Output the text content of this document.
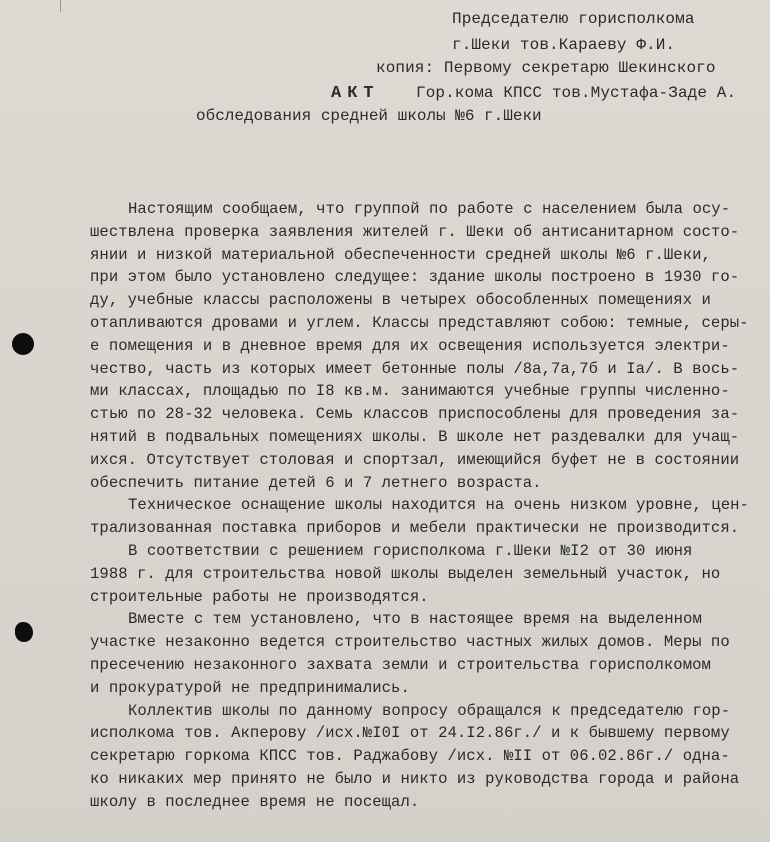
Председателю горисполкома
г.Шеки тов.Караеву Ф.И.
копия: Первому секретарю Шекинского
АКТ Гор.кома КПСС тов.Мустафа-Заде А.
обследования средней школы №6 г.Шеки
Настоящим сообщаем, что группой по работе с населением была осу-
шествлена проверка заявления жителей г. Шеки об антисанитарном состо-
янии и низкой материальной обеспеченности средней школы №6 г.Шеки,
при этом было установлено следущее: здание школы построено в 1930 го-
ду, учебные классы расположены в четырех обособленных помещениях и
отапливаются дровами и углем. Классы представляют собою: темные, серы-
е помещения и в дневное время для их освещения используется электри-
чество, часть из которых имеет бетонные полы /8а,7а,7б и Iа/. В вось-
ми классах, площадью по I8 кв.м. занимаются учебные группы численно-
стью по 28-32 человека. Семь классов приспособлены для проведения за-
нятий в подвальных помещениях школы. В школе нет раздевалки для учащ-
ихся. Отсутствует столовая и спортзал, имеющийся буфет не в состоянии
обеспечить питание детей 6 и 7 летнего возраста.
Техническое оснащение школы находится на очень низком уровне, цен-
трализованная поставка приборов и мебели практически не производится.
В соответствии с решением горисполкома г.Шеки №I2 от 30 июня
1988 г. для строительства новой школы выделен земельный участок, но
строительные работы не производятся.
Вместе с тем установлено, что в настоящее время на выделенном
участке незаконно ведется строительство частных жилых домов. Меры по
пресечению незаконного захвата земли и строительства горисполкомом
и прокуратурой не предпринимались.
Коллектив школы по данному вопросу обращался к председателю гор-
исполкома тов. Акперову /исх.№I0I от 24.I2.86г./ и к бывшему первому
секретарю горкома КПСС тов. Раджабову /исх. №II от 06.02.86г./ одна-
ко никаких мер принято не было и никто из руководства города и района
школу в последнее время не посещал.
